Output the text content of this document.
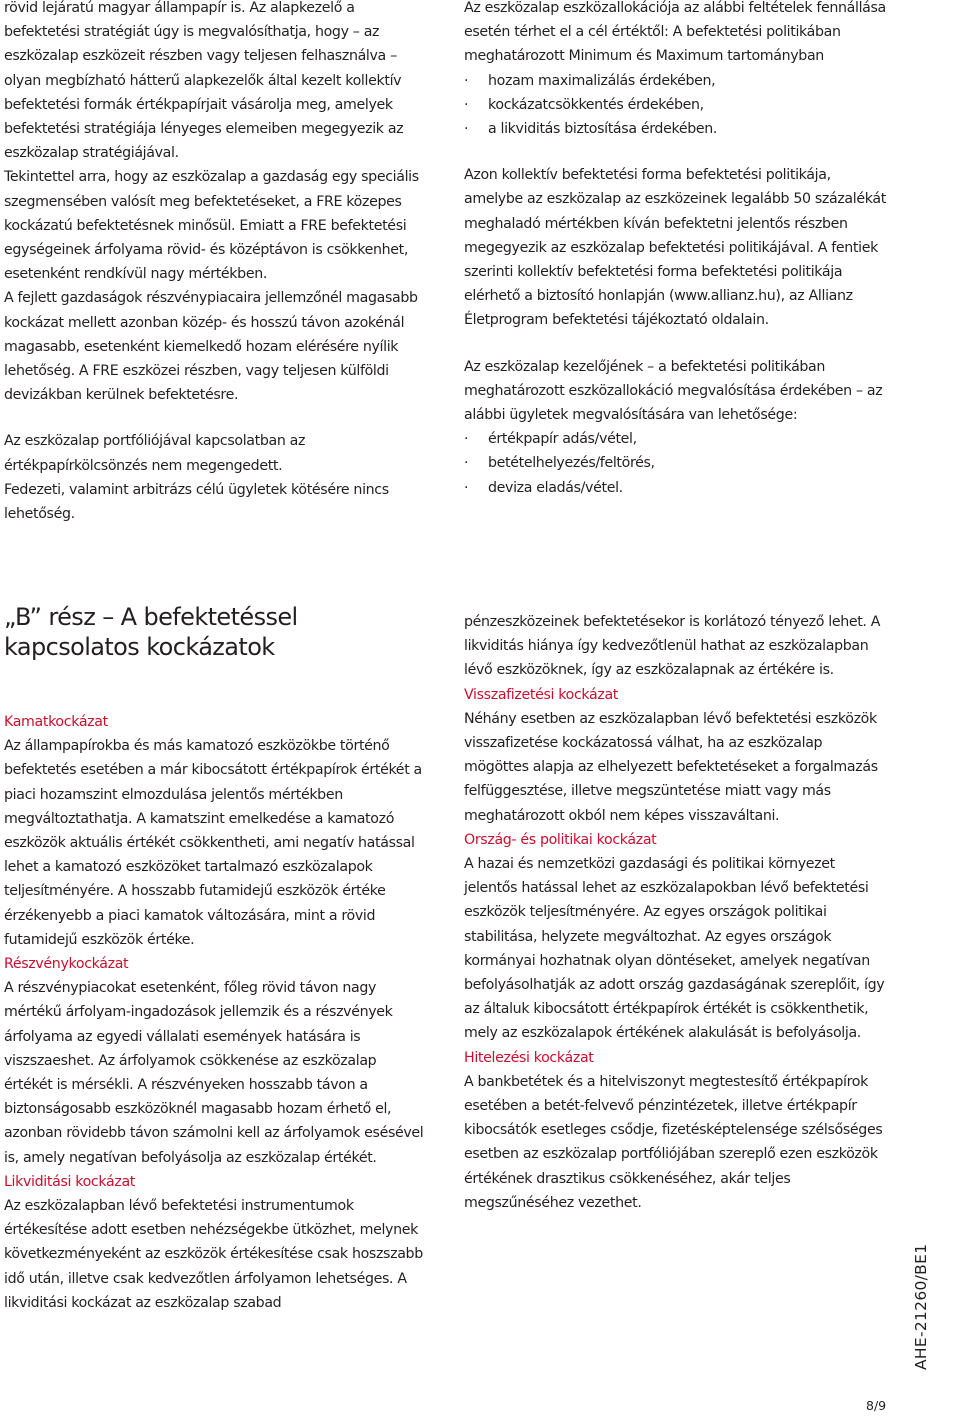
rövid lejáratú magyar állampapír is. Az alapkezelő a befektetési stratégiát úgy is megvalósíthatja, hogy – az eszközalap eszközeit részben vagy teljesen felhasználva – olyan megbízható hátterű alapkezelők által kezelt kollektív befektetési formák értékpapírjait vásárolja meg, amelyek befektetési stratégiája lényeges elemeiben megegyezik az eszközalap stratégiájával.

Tekintettel arra, hogy az eszközalap a gazdaság egy speciális szegmensében valósít meg befektetéseket, a FRE közepes kockázatú befektetésnek minősül. Emiatt a FRE befektetési egységeinek árfolyama rövid- és középtávon is csökkenhet, esetenként rendkívül nagy mértékben.

A fejlett gazdaságok részvénypiacaira jellemzőnél magasabb kockázat mellett azonban közép- és hosszú távon azokénál magasabb, esetenként kiemelkedő hozam elérésére nyílik lehetőség. A FRE eszközei részben, vagy teljesen külföldi devizákban kerülnek befektetésre.

Az eszközalap portfóliójával kapcsolatban az értékpapírkölcsönzés nem megengedett.

Fedezeti, valamint arbitrázs célú ügyletek kötésére nincs lehetőség.

Az eszközalap eszközallokációja az alábbi feltételek fennállása esetén térhet el a cél értéktől: A befektetési politikában meghatározott Minimum és Maximum tartományban

· hozam maximalizálás érdekében,
· kockázatcsökkentés érdekében,
· a likviditás biztosítása érdekében.

Azon kollektív befektetési forma befektetési politikája, amelybe az eszközalap az eszközeinek legalább 50 százalékát meghaladó mértékben kíván befektetni jelentős részben megegyezik az eszközalap befektetési politikájával. A fentiek szerinti kollektív befektetési forma befektetési politikája elérhető a biztosító honlapján (www.allianz.hu), az Allianz Életprogram befektetési tájékoztató oldalain.

Az eszközalap kezelőjének – a befektetési politikában meghatározott eszközallokáció megvalósítása érdekében – az alábbi ügyletek megvalósítására van lehetősége:

· értékpapír adás/vétel,
· betételhelyezés/feltörés,
· deviza eladás/vétel.
„B” rész – A befektetéssel kapcsolatos kockázatok

Kamatkockázat

Az állampapírokba és más kamatozó eszközökbe történő befektetés esetében a már kibocsátott értékpapírok értékét a piaci hozamszint elmozdulása jelentős mértékben megváltoztathatja. A kamatszint emelkedése a kamatozó eszközök aktuális értékét csökkentheti, ami negatív hatással lehet a kamatozó eszközöket tartalmazó eszközalapok teljesítményére. A hosszabb futamidejű eszközök értéke érzékenyebb a piaci kamatok változására, mint a rövid futamidejű eszközök értéke.

Részvénykockázat

A részvénypiacokat esetenként, főleg rövid távon nagy mértékű árfolyam-ingadozások jellemzik és a részvények árfolyama az egyedi vállalati események hatására is viszszaeshet. Az árfolyamok csökkenése az eszközalap értékét is mérsékli. A részvényeken hosszabb távon a biztonságosabb eszközöknél magasabb hozam érhető el, azonban rövidebb távon számolni kell az árfolyamok esésével is, amely negatívan befolyásolja az eszközalap értékét.

Likviditási kockázat

Az eszközalapban lévő befektetési instrumentumok értékesítése adott esetben nehézségekbe ütközhet, melynek következményeként az eszközök értékesítése csak hoszszabb idő után, illetve csak kedvezőtlen árfolyamon lehetséges. A likviditási kockázat az eszközalap szabad

pénzeszközeinek befektetésekor is korlátozó tényező lehet. A likviditás hiánya így kedvezőtlenül hathat az eszközalapban lévő eszközöknek, így az eszközalapnak az értékére is.

Visszafizetési kockázat

Néhány esetben az eszközalapban lévő befektetési eszközök visszafizetése kockázatossá válhat, ha az eszközalap mögöttes alapja az elhelyezett befektetéseket a forgalmazás felfüggesztése, illetve megszüntetése miatt vagy más meghatározott okból nem képes visszaváltani.

Ország- és politikai kockázat

A hazai és nemzetközi gazdasági és politikai környezet jelentős hatással lehet az eszközalapokban lévő befektetési eszközök teljesítményére. Az egyes országok politikai stabilitása, helyzete megváltozhat. Az egyes országok kormányai hozhatnak olyan döntéseket, amelyek negatívan befolyásolhatják az adott ország gazdaságának szereplőit, így az általuk kibocsátott értékpapírok értékét is csökkenthetik, mely az eszközalapok értékének alakulását is befolyásolja.

Hitelezési kockázat

A bankbetétek és a hitelviszonyt megtestesítő értékpapírok esetében a betét-felvevő pénzintézetek, illetve értékpapír kibocsátók esetleges csődje, fizetésképtelensége szélsőséges esetben az eszközalap portfóliójában szereplő ezen eszközök értékének drasztikus csökkenéséhez, akár teljes megszűnéséhez vezethet.

AHE-21260/BE1
8/9
